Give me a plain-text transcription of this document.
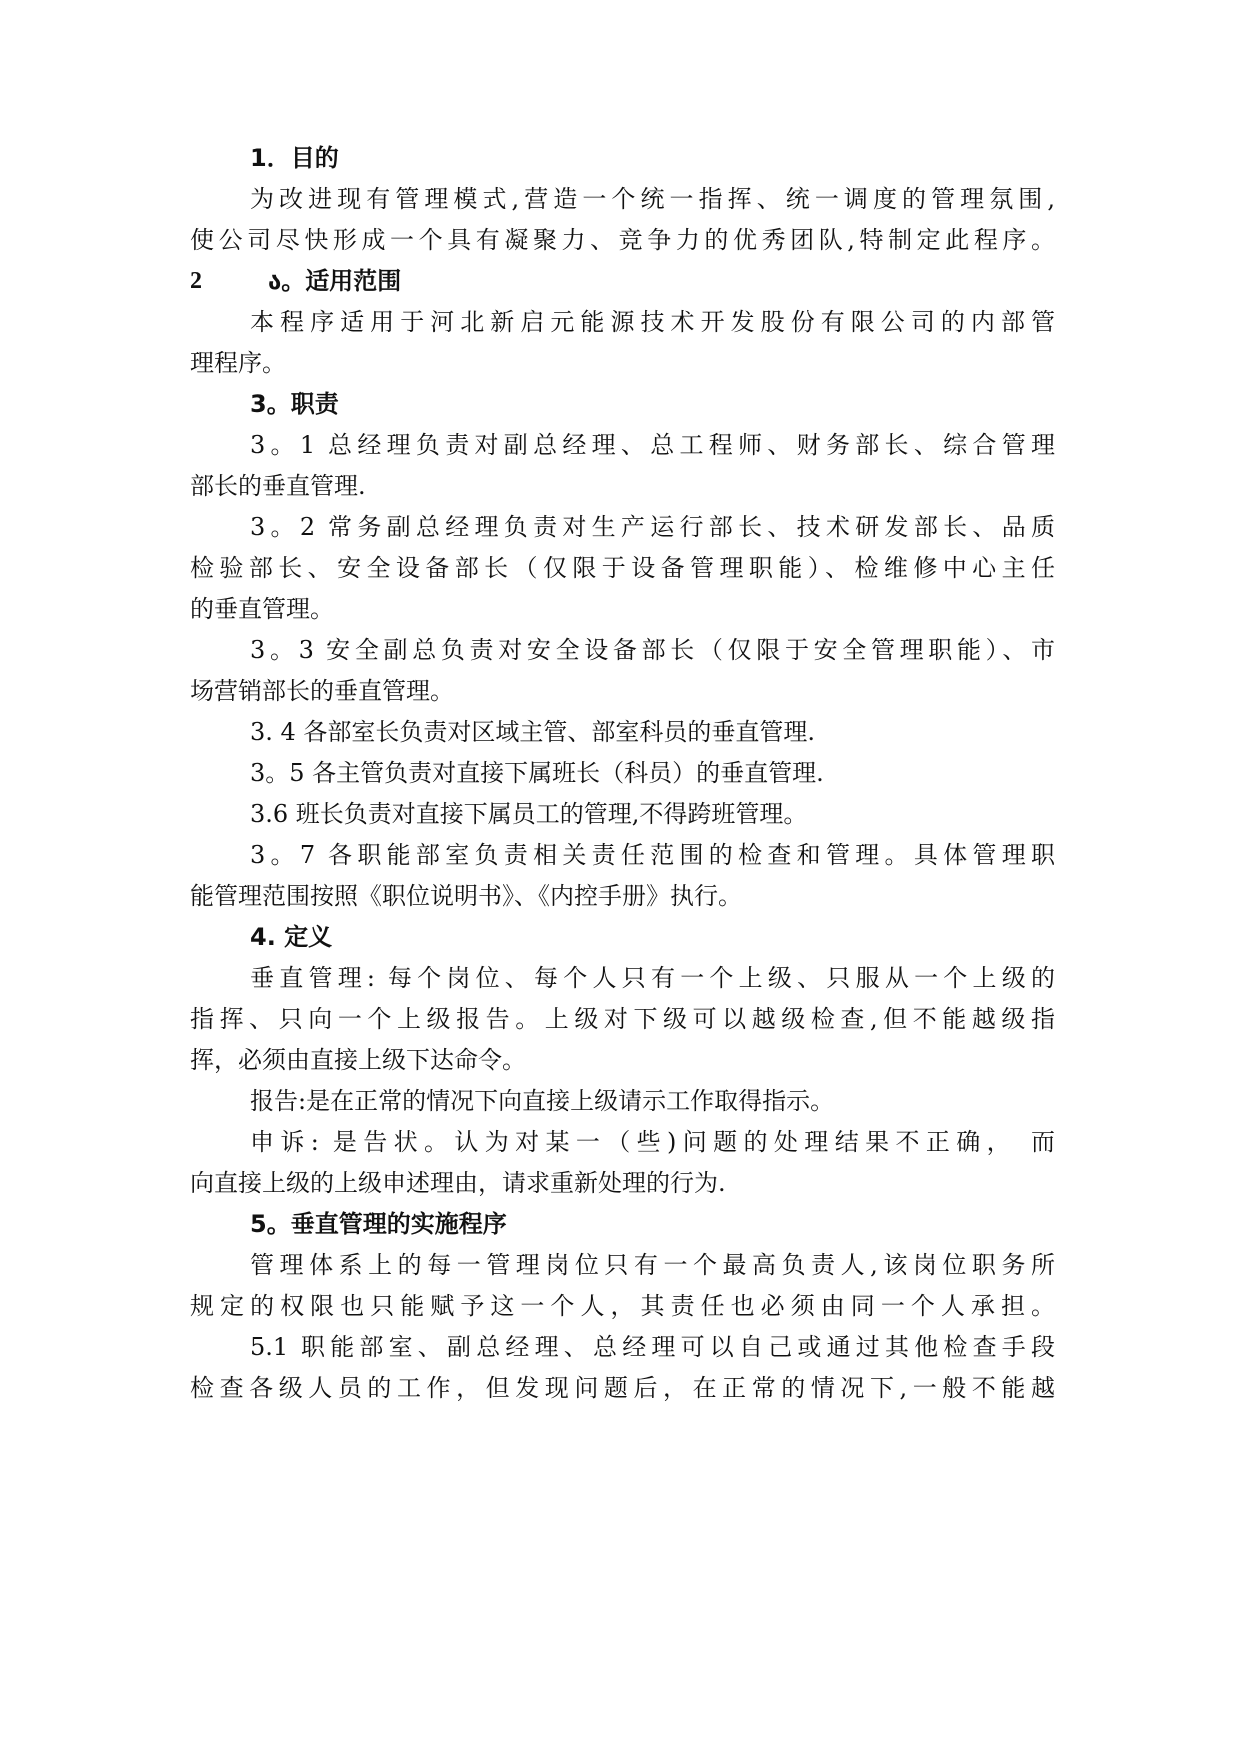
1．目的
为改进现有管理模式,营造一个统一指挥、统一调度的管理氛围,
使公司尽快形成一个具有凝聚力、竞争力的优秀团队,特制定此程序。
2	ა。适用范围
本程序适用于河北新启元能源技术开发股份有限公司的内部管
理程序。
3。职责
3。1 总经理负责对副总经理、总工程师、财务部长、综合管理
部长的垂直管理.
3。2 常务副总经理负责对生产运行部长、技术研发部长、品质
检验部长、安全设备部长（仅限于设备管理职能）、检维修中心主任
的垂直管理。
3。3 安全副总负责对安全设备部长（仅限于安全管理职能）、市
场营销部长的垂直管理。
3. 4 各部室长负责对区域主管、部室科员的垂直管理.
3。5 各主管负责对直接下属班长（科员）的垂直管理.
3.6 班长负责对直接下属员工的管理,不得跨班管理。
3。7 各职能部室负责相关责任范围的检查和管理。具体管理职
能管理范围按照《职位说明书》、《内控手册》执行。
4. 定义
垂直管理: 每个岗位、每个人只有一个上级、只服从一个上级的
指挥、只向一个上级报告。上级对下级可以越级检查,但不能越级指
挥，必须由直接上级下达命令。
报告:是在正常的情况下向直接上级请示工作取得指示。
申诉: 是告状。认为对某一（些)问题的处理结果不正确， 而
向直接上级的上级申述理由，请求重新处理的行为.
5。垂直管理的实施程序
管理体系上的每一管理岗位只有一个最高负责人,该岗位职务所
规定的权限也只能赋予这一个人，其责任也必须由同一个人承担。
5.1 职能部室、副总经理、总经理可以自己或通过其他检查手段
检查各级人员的工作，但发现问题后，在正常的情况下,一般不能越
